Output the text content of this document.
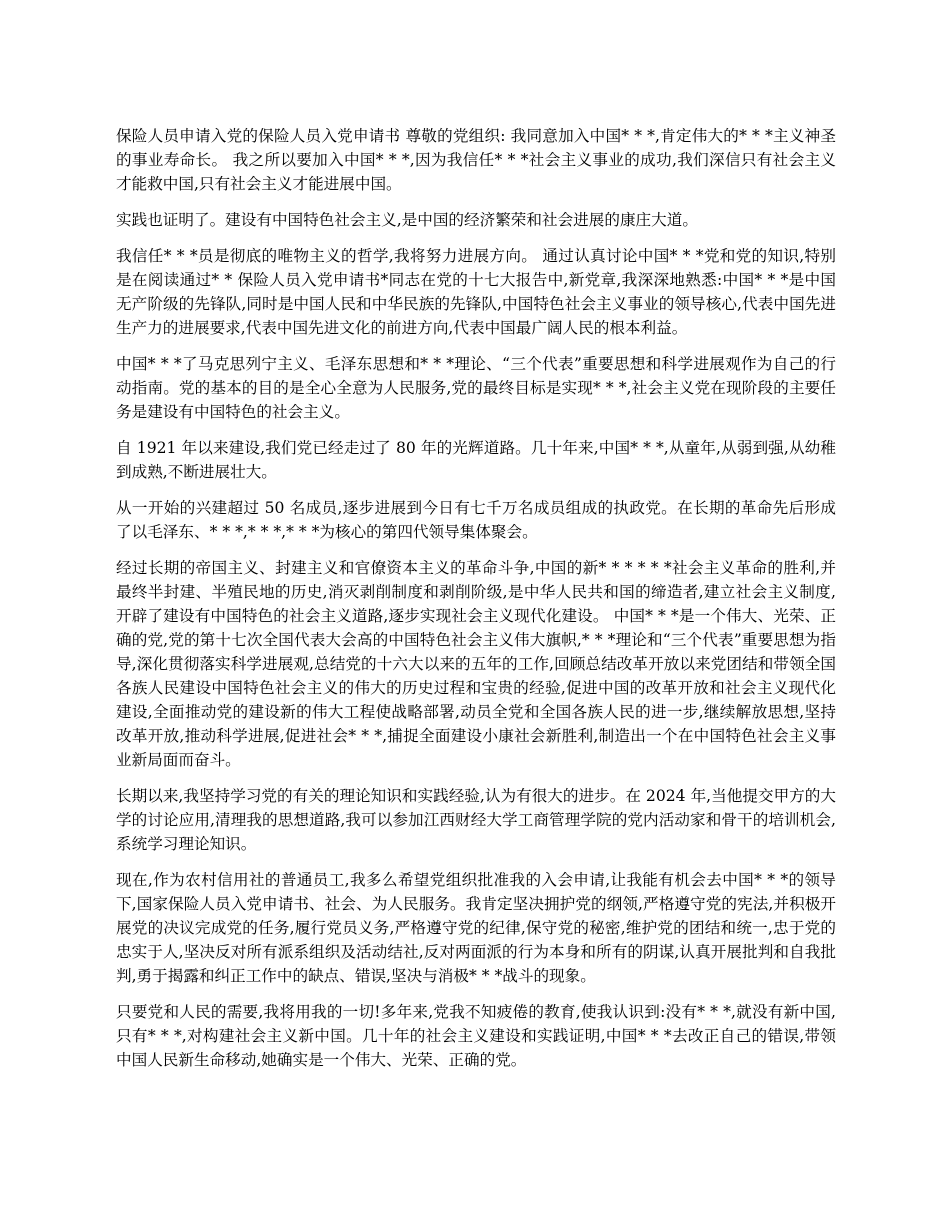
保险人员申请入党的保险人员入党申请书 尊敬的党组织: 我同意加入中国* * *,肯定伟大的* * *主义神圣的事业寿命长。 我之所以要加入中国* * *,因为我信任* * *社会主义事业的成功,我们深信只有社会主义才能救中国,只有社会主义才能进展中国。

实践也证明了。建设有中国特色社会主义,是中国的经济繁荣和社会进展的康庄大道。

我信任* * *员是彻底的唯物主义的哲学,我将努力进展方向。 通过认真讨论中国* * *党和党的知识,特别是在阅读通过* * 保险人员入党申请书*同志在党的十七大报告中,新党章,我深深地熟悉:中国* * *是中国无产阶级的先锋队,同时是中国人民和中华民族的先锋队,中国特色社会主义事业的领导核心,代表中国先进生产力的进展要求,代表中国先进文化的前进方向,代表中国最广阔人民的根本利益。

中国* * *了马克思列宁主义、毛泽东思想和* * *理论、“三个代表”重要思想和科学进展观作为自己的行动指南。党的基本的目的是全心全意为人民服务,党的最终目标是实现* * *,社会主义党在现阶段的主要任务是建设有中国特色的社会主义。

自 1921 年以来建设,我们党已经走过了 80 年的光辉道路。几十年来,中国* * *,从童年,从弱到强,从幼稚到成熟,不断进展壮大。

从一开始的兴建超过 50 名成员,逐步进展到今日有七千万名成员组成的执政党。在长期的革命先后形成了以毛泽东、* * *,* * *,* * *为核心的第四代领导集体聚会。

经过长期的帝国主义、封建主义和官僚资本主义的革命斗争,中国的新* * * * * *社会主义革命的胜利,并最终半封建、半殖民地的历史,消灭剥削制度和剥削阶级,是中华人民共和国的缔造者,建立社会主义制度,开辟了建设有中国特色的社会主义道路,逐步实现社会主义现代化建设。 中国* * *是一个伟大、光荣、正确的党,党的第十七次全国代表大会高的中国特色社会主义伟大旗帜,* * *理论和“三个代表”重要思想为指导,深化贯彻落实科学进展观,总结党的十六大以来的五年的工作,回顾总结改革开放以来党团结和带领全国各族人民建设中国特色社会主义的伟大的历史过程和宝贵的经验,促进中国的改革开放和社会主义现代化建设,全面推动党的建设新的伟大工程使战略部署,动员全党和全国各族人民的进一步,继续解放思想,坚持改革开放,推动科学进展,促进社会* * *,捕捉全面建设小康社会新胜利,制造出一个在中国特色社会主义事业新局面而奋斗。

长期以来,我坚持学习党的有关的理论知识和实践经验,认为有很大的进步。在 2024 年,当他提交甲方的大学的讨论应用,清理我的思想道路,我可以参加江西财经大学工商管理学院的党内活动家和骨干的培训机会,系统学习理论知识。

现在,作为农村信用社的普通员工,我多么希望党组织批准我的入会申请,让我能有机会去中国* * *的领导下,国家保险人员入党申请书、社会、为人民服务。我肯定坚决拥护党的纲领,严格遵守党的宪法,并积极开展党的决议完成党的任务,履行党员义务,严格遵守党的纪律,保守党的秘密,维护党的团结和统一,忠于党的忠实于人,坚决反对所有派系组织及活动结社,反对两面派的行为本身和所有的阴谋,认真开展批判和自我批判,勇于揭露和纠正工作中的缺点、错误,坚决与消极* * *战斗的现象。

只要党和人民的需要,我将用我的一切!多年来,党我不知疲倦的教育,使我认识到:没有* * *,就没有新中国,只有* * *,对构建社会主义新中国。几十年的社会主义建设和实践证明,中国* * *去改正自己的错误,带领中国人民新生命移动,她确实是一个伟大、光荣、正确的党。
